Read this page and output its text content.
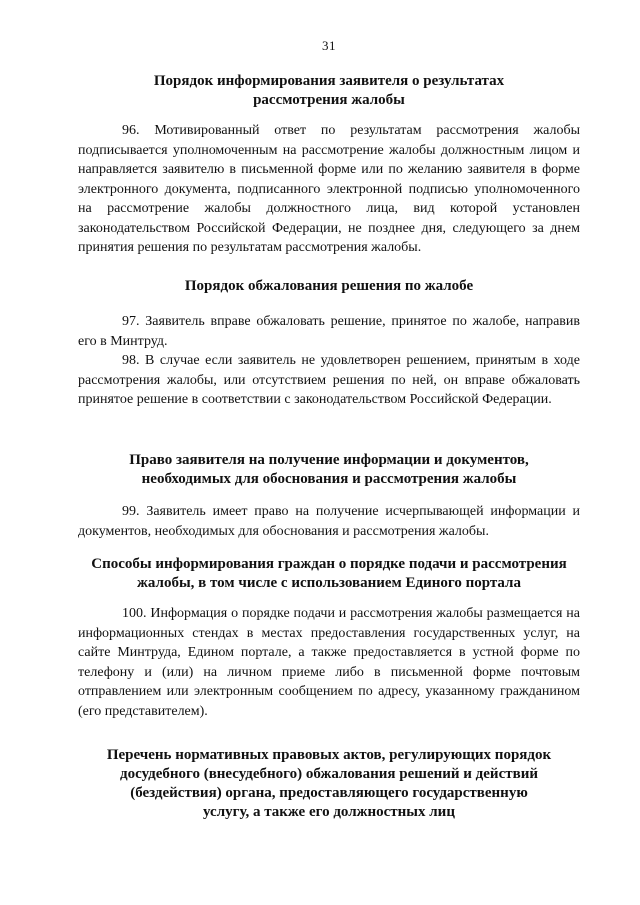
31
Порядок информирования заявителя о результатах
рассмотрения жалобы

96. Мотивированный ответ по результатам рассмотрения жалобы подписывается уполномоченным на рассмотрение жалобы должностным лицом и направляется заявителю в письменной форме или по желанию заявителя в форме электронного документа, подписанного электронной подписью уполномоченного на рассмотрение жалобы должностного лица, вид которой установлен законодательством Российской Федерации, не позднее дня, следующего за днем принятия решения по результатам рассмотрения жалобы.

Порядок обжалования решения по жалобе

97. Заявитель вправе обжаловать решение, принятое по жалобе, направив его в Минтруд.

98. В случае если заявитель не удовлетворен решением, принятым в ходе рассмотрения жалобы, или отсутствием решения по ней, он вправе обжаловать принятое решение в соответствии с законодательством Российской Федерации.

Право заявителя на получение информации и документов,
необходимых для обоснования и рассмотрения жалобы

99. Заявитель имеет право на получение исчерпывающей информации и документов, необходимых для обоснования и рассмотрения жалобы.

Способы информирования граждан о порядке подачи и рассмотрения
жалобы, в том числе с использованием Единого портала

100. Информация о порядке подачи и рассмотрения жалобы размещается на информационных стендах в местах предоставления государственных услуг, на сайте Минтруда, Едином портале, а также предоставляется в устной форме по телефону и (или) на личном приеме либо в письменной форме почтовым отправлением или электронным сообщением по адресу, указанному гражданином (его представителем).

Перечень нормативных правовых актов, регулирующих порядок
досудебного (внесудебного) обжалования решений и действий
(бездействия) органа, предоставляющего государственную
услугу, а также его должностных лиц
